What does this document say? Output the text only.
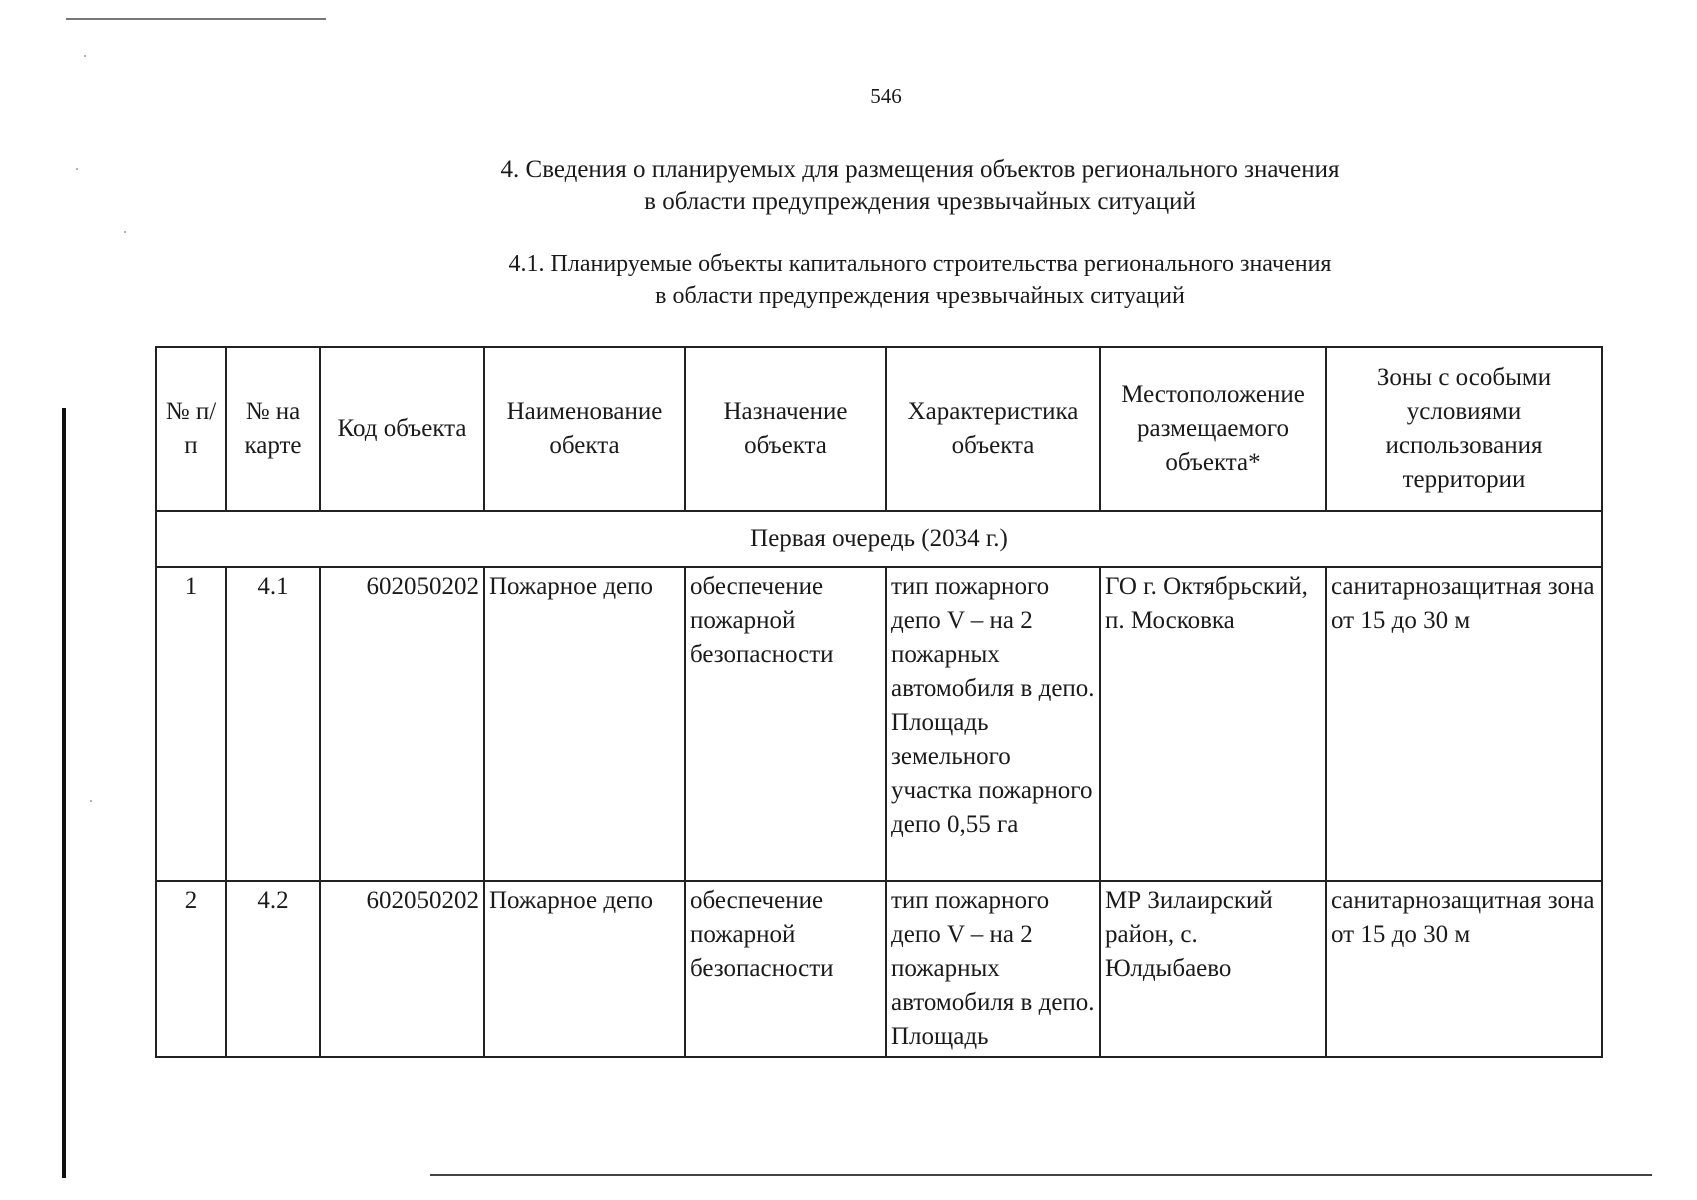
546
4. Сведения о планируемых для размещения объектов регионального значения
в области предупреждения чрезвычайных ситуаций
4.1. Планируемые объекты капитального строительства регионального значения
в области предупреждения чрезвычайных ситуаций
№ п/п	№ на карте	Код объекта	Наименование обекта	Назначение объекта	Характеристика объекта	Местоположение размещаемого объекта*	Зоны с особыми условиями использования территории
Первая очередь (2034 г.)							
1	4.1	602050202	Пожарное депо	обеспечение пожарной безопасности	тип пожарного депо V – на 2 пожарных автомобиля в депо. Площадь земельного участка пожарного депо 0,55 га	ГО г. Октябрьский, п. Московка	санитарнозащитная зона от 15 до 30 м
2	4.2	602050202	Пожарное депо	обеспечение пожарной безопасности	тип пожарного депо V – на 2 пожарных автомобиля в депо. Площадь	МР Зилаирский район, с. Юлдыбаево	санитарнозащитная зона от 15 до 30 м
